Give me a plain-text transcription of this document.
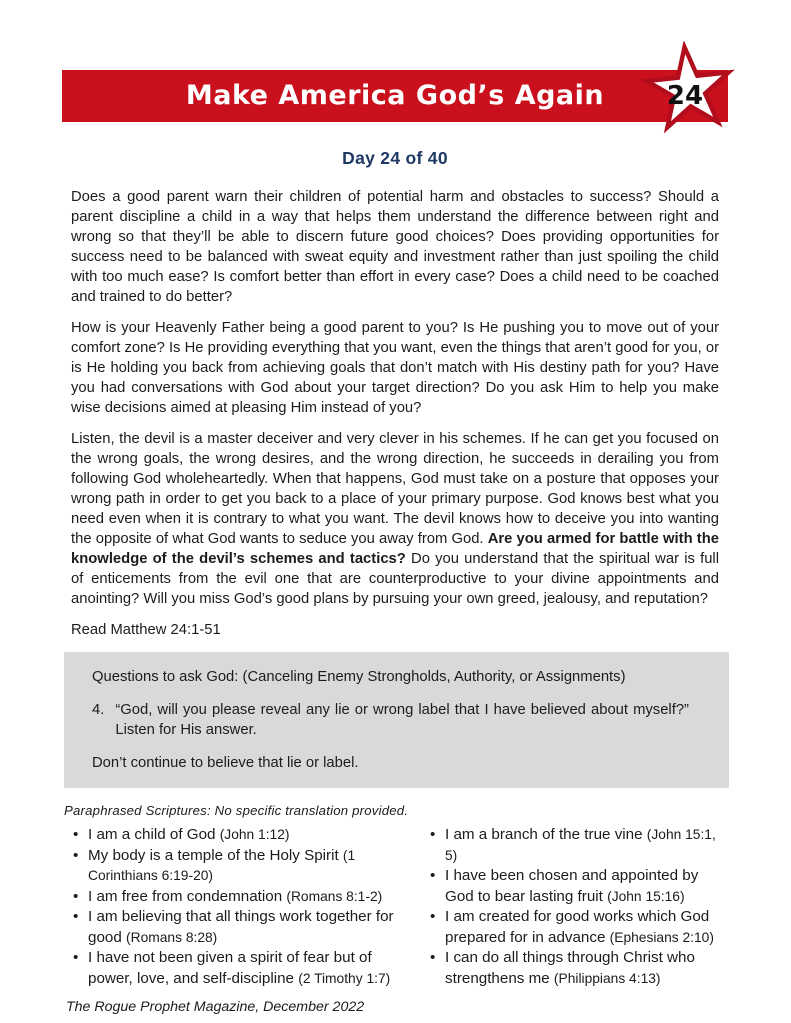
Make America God’s Again	24
Day 24 of 40

Does a good parent warn their children of potential harm and obstacles to success? Should a parent discipline a child in a way that helps them understand the difference between right and wrong so that they’ll be able to discern future good choices? Does providing opportunities for success need to be balanced with sweat equity and investment rather than just spoiling the child with too much ease? Is comfort better than effort in every case? Does a child need to be coached and trained to do better?

How is your Heavenly Father being a good parent to you? Is He pushing you to move out of your comfort zone? Is He providing everything that you want, even the things that aren’t good for you, or is He holding you back from achieving goals that don’t match with His destiny path for you? Have you had conversations with God about your target direction? Do you ask Him to help you make wise decisions aimed at pleasing Him instead of you?

Listen, the devil is a master deceiver and very clever in his schemes. If he can get you focused on the wrong goals, the wrong desires, and the wrong direction, he succeeds in derailing you from following God wholeheartedly. When that happens, God must take on a posture that opposes your wrong path in order to get you back to a place of your primary purpose. God knows best what you need even when it is contrary to what you want. The devil knows how to deceive you into wanting the opposite of what God wants to seduce you away from God. Are you armed for battle with the knowledge of the devil’s schemes and tactics? Do you understand that the spiritual war is full of enticements from the evil one that are counterproductive to your divine appointments and anointing? Will you miss God’s good plans by pursuing your own greed, jealousy, and reputation?

Read Matthew 24:1-51

Questions to ask God: (Canceling Enemy Strongholds, Authority, or Assignments)

4. “God, will you please reveal any lie or wrong label that I have believed about myself?” Listen for His answer.

Don’t continue to believe that lie or label.

Paraphrased Scriptures: No specific translation provided.

• I am a child of God (John 1:12)
• My body is a temple of the Holy Spirit (1 Corinthians 6:19-20)
• I am free from condemnation (Romans 8:1-2)
• I am believing that all things work together for good (Romans 8:28)
• I have not been given a spirit of fear but of power, love, and self-discipline (2 Timothy 1:7)
• I am a branch of the true vine (John 15:1, 5)
• I have been chosen and appointed by God to bear lasting fruit (John 15:16)
• I am created for good works which God prepared for in advance (Ephesians 2:10)
• I can do all things through Christ who strengthens me (Philippians 4:13)

The Rogue Prophet Magazine, December 2022
